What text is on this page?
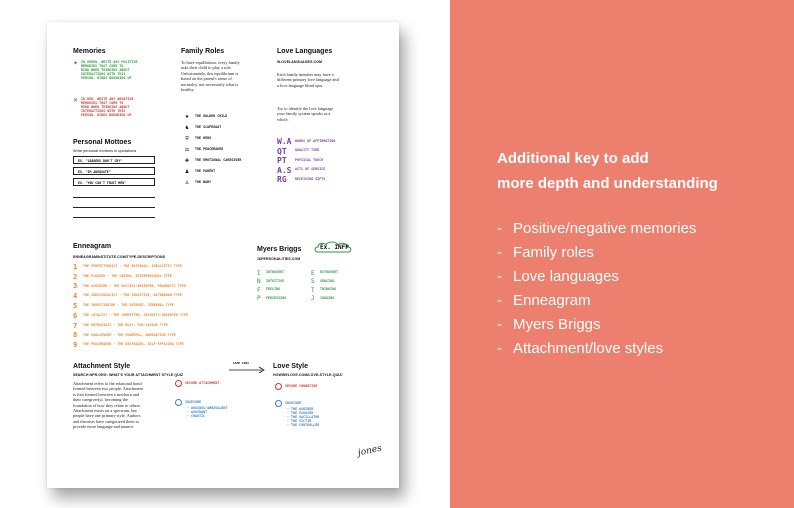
Memories
✦ IN GREEN, WRITE ANY POSITIVE
MEMORIES THAT COME TO
MIND WHEN THINKING ABOUT
INTERACTIONS WITH THIS
PERSON. KINDS BOUNDING UP
✕ IN RED, WRITE ANY NEGATIVE
MEMORIES THAT COME TO
MIND WHEN THINKING ABOUT
INTERACTIONS WITH THIS
PERSON. KINDS BOUNDING UP
Personal Mottoes
Write personal mottoes in quotations
EX. "LEADERS DON'T CRY"
EX. "IM ADEQUATE"
EX. "YOU CAN'T TRUST MEN"
Family Roles
To have equilibrium, every family
asks their child to play a role.
Unfortunately, this equilibrium is
based on the parent's sense of
normalcy, not necessarily what is
healthy.
★	THE GOLDEN CHILD
♞	THE SCAPEGOAT
⛨	THE HERO
⚖	THE PEACEMAKER
✚	THE EMOTIONAL CAREGIVER
♟	THE PARENT
♙	THE BABY
Love Languages
5LOVELANGUAGES.COM
Each family member may have a
different primary love language and
a love language blind spot.
Try to identify the love language
your family system speaks as a
whole.
W.A	WORDS OF AFFIRMATION
QT	QUALITY TIME
PT	PHYSICAL TOUCH
A.S	ACTS OF SERVICE
RG	RECEIVING GIFTS
Enneagram
ENNEAGRAMINSTITUTE.COM/TYPE-DESCRIPTIONS
1	THE PERFECTIONIST - THE RATIONAL, IDEALISTIC TYPE
2	THE PLEASER - THE CARING, INTERPERSONAL TYPE
3	THE ACHIEVER - THE SUCCESS-ORIENTED, PRAGMATIC TYPE
4	THE INDIVIDUALIST - THE SENSITIVE, WITHDRAWN TYPE
5	THE INVESTIGATOR - THE INTENSE, CEREBRAL TYPE
6	THE LOYALIST - THE COMMITTED, SECURITY-ORIENTED TYPE
7	THE ENTHUSIAST - THE BUSY, FUN-LOVING TYPE
8	THE CHALLENGER - THE POWERFUL, DOMINATING TYPE
9	THE PEACEMAKER - THE EASYGOING, SELF-EFFACING TYPE
Myers Briggs
16PERSONALITIES.COM
Ex. INFP
I	INTROVERT
N	INTUITIVE
F	FEELING
P	PERCEIVING
E	EXTROVERT
S	SENSING
T	THINKING
J	JUDGING
Attachment Style
SEARCH NPR.ORG: WHAT'S YOUR ATTACHMENT STYLE QUIZ
Attachment refers to the relational bond
formed between two people. Attachment
is first formed between a newborn and
their caregiver(s), becoming the
foundation of how they relate to others.
Attachment exists on a spectrum, but
people have one primary style. Authors
and theorists have categorized them to
provide more language and nuance.
SECURE ATTACHMENT
INSECURE
- ANXIOUS/AMBIVALENT
- AVOIDANT
- CHAOTIC
SAME IDEA	Love Style
HOWWELOVE.COM/LOVE-STYLE-QUIZ/
SECURE CONNECTOR
INSECURE
- THE AVOIDER
- THE PLEASER
- THE VACILLATOR
- THE VICTIM
- THE CONTROLLER
jones
Additional key to add
more depth and understanding
- Positive/negative memories
- Family roles
- Love languages
- Enneagram
- Myers Briggs
- Attachment/love styles
